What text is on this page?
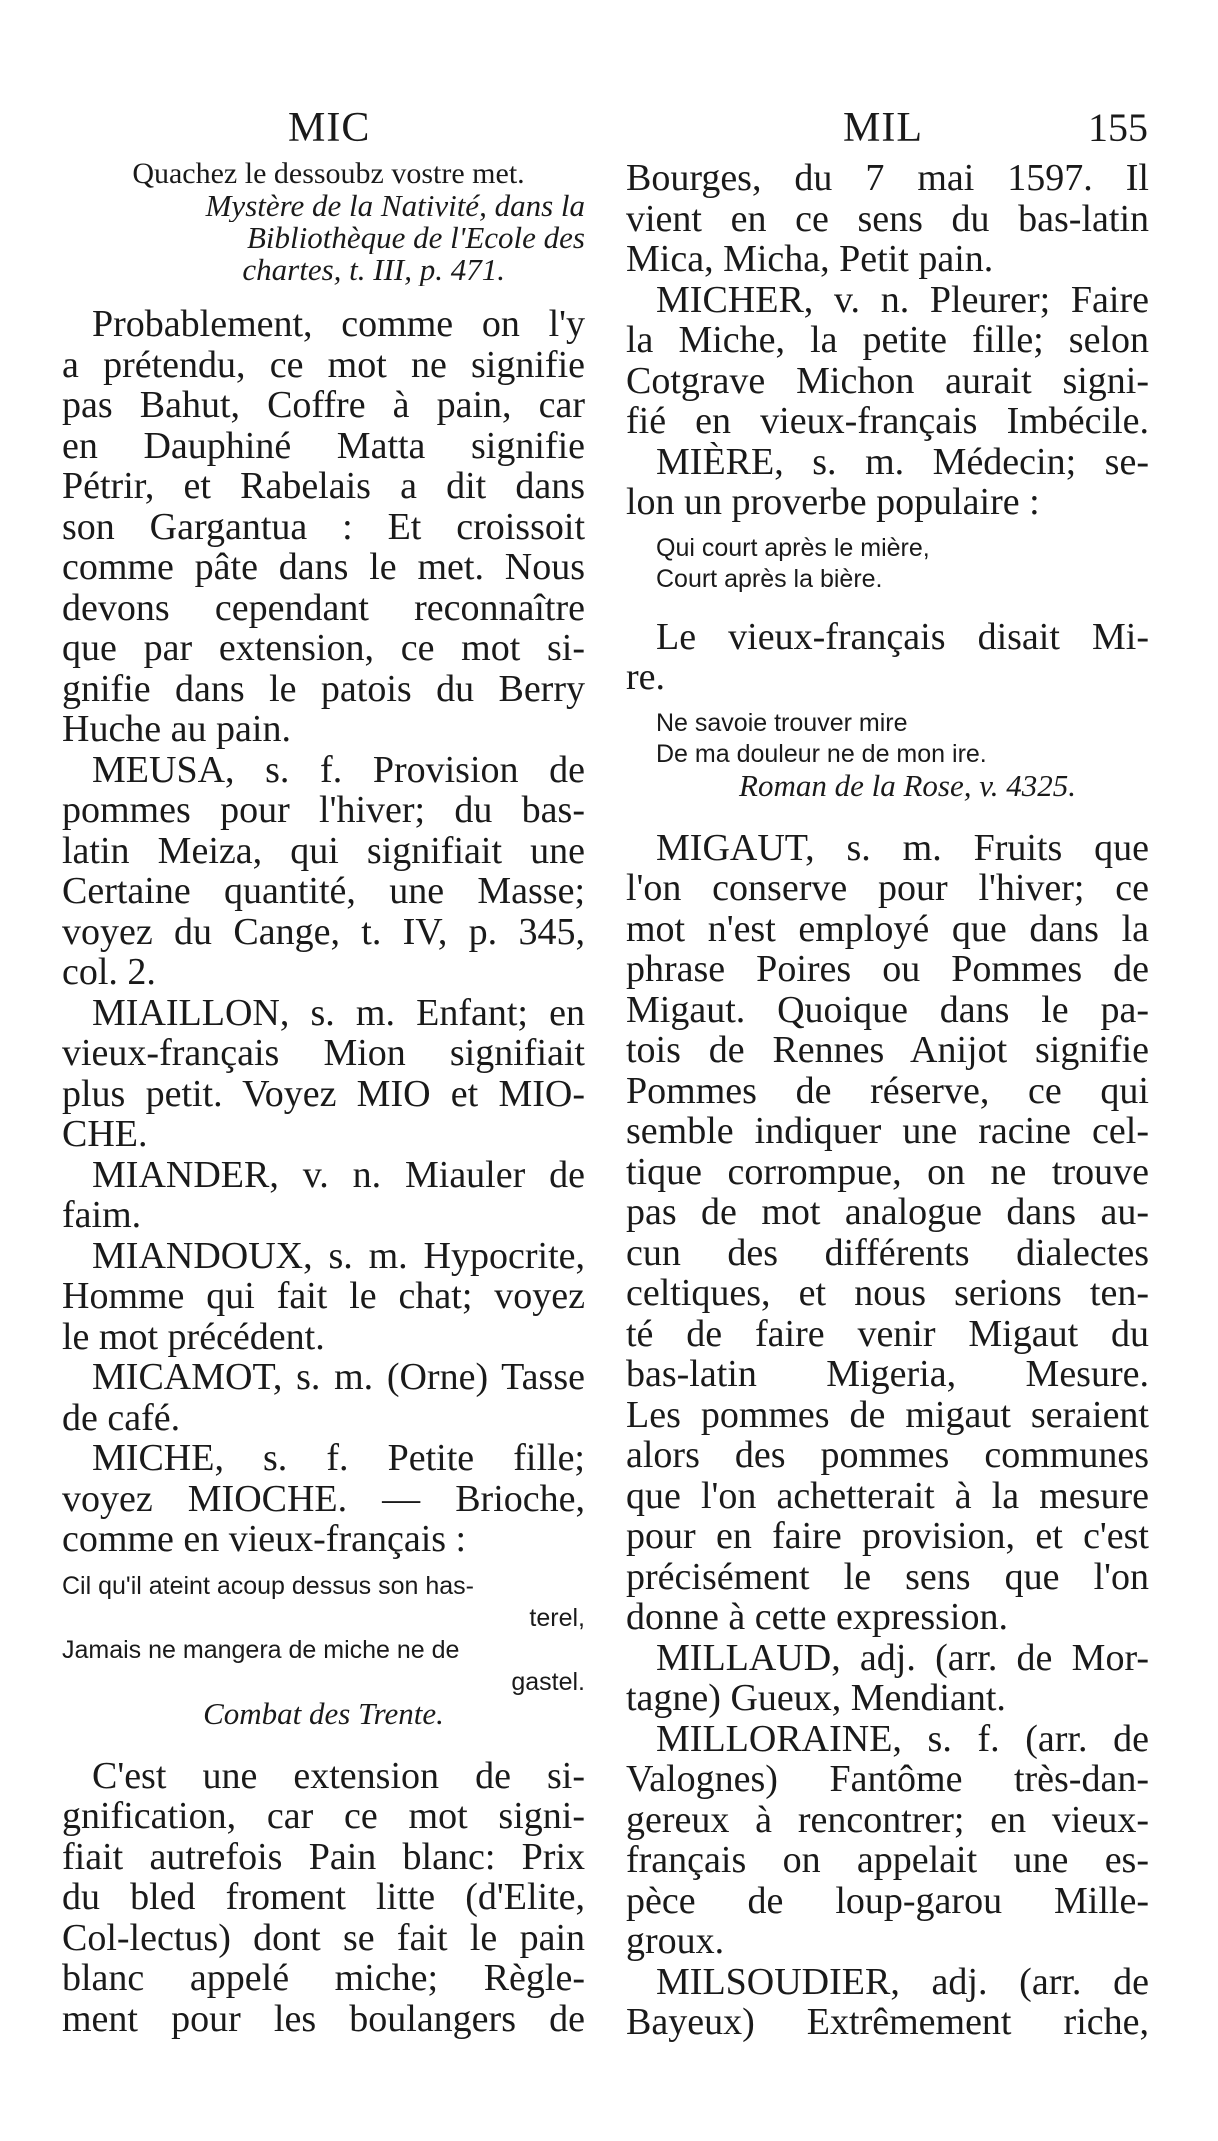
MIC	MIL	155
Quachez le dessoubz vostre met.
Mystère de la Nativité, dans la
Bibliothèque de l'Ecole des
chartes, t. III, p. 471.
Probablement, comme on l'y
a prétendu, ce mot ne signifie
pas Bahut, Coffre à pain, car
en Dauphiné Matta signifie
Pétrir, et Rabelais a dit dans
son Gargantua : Et croissoit
comme pâte dans le met. Nous
devons cependant reconnaître
que par extension, ce mot si-
gnifie dans le patois du Berry
Huche au pain.
MEUSA, s. f. Provision de
pommes pour l'hiver; du bas-
latin Meiza, qui signifiait une
Certaine quantité, une Masse;
voyez du Cange, t. IV, p. 345,
col. 2.
MIAILLON, s. m. Enfant; en
vieux-français Mion signifiait
plus petit. Voyez MIO et MIO-
CHE.
MIANDER, v. n. Miauler de
faim.
MIANDOUX, s. m. Hypocrite,
Homme qui fait le chat; voyez
le mot précédent.
MICAMOT, s. m. (Orne) Tasse
de café.
MICHE, s. f. Petite fille;
voyez MIOCHE. — Brioche,
comme en vieux-français :
Cil qu'il ateint acoup dessus son has-
terel,
Jamais ne mangera de miche ne de
gastel.
Combat des Trente.
C'est une extension de si-
gnification, car ce mot signi-
fiait autrefois Pain blanc: Prix
du bled froment litte (d'Elite,
Col-lectus) dont se fait le pain
blanc appelé miche; Règle-
ment pour les boulangers de
Bourges, du 7 mai 1597. Il
vient en ce sens du bas-latin
Mica, Micha, Petit pain.
MICHER, v. n. Pleurer; Faire
la Miche, la petite fille; selon
Cotgrave Michon aurait signi-
fié en vieux-français Imbécile.
MIÈRE, s. m. Médecin; se-
lon un proverbe populaire :
Qui court après le mière,
Court après la bière.
Le vieux-français disait Mi-
re.
Ne savoie trouver mire
De ma douleur ne de mon ire.
Roman de la Rose, v. 4325.
MIGAUT, s. m. Fruits que
l'on conserve pour l'hiver; ce
mot n'est employé que dans la
phrase Poires ou Pommes de
Migaut. Quoique dans le pa-
tois de Rennes Anijot signifie
Pommes de réserve, ce qui
semble indiquer une racine cel-
tique corrompue, on ne trouve
pas de mot analogue dans au-
cun des différents dialectes
celtiques, et nous serions ten-
té de faire venir Migaut du
bas-latin Migeria, Mesure.
Les pommes de migaut seraient
alors des pommes communes
que l'on achetterait à la mesure
pour en faire provision, et c'est
précisément le sens que l'on
donne à cette expression.
MILLAUD, adj. (arr. de Mor-
tagne) Gueux, Mendiant.
MILLORAINE, s. f. (arr. de
Valognes) Fantôme très-dan-
gereux à rencontrer; en vieux-
français on appelait une es-
pèce de loup-garou Mille-
groux.
MILSOUDIER, adj. (arr. de
Bayeux) Extrêmement riche,
